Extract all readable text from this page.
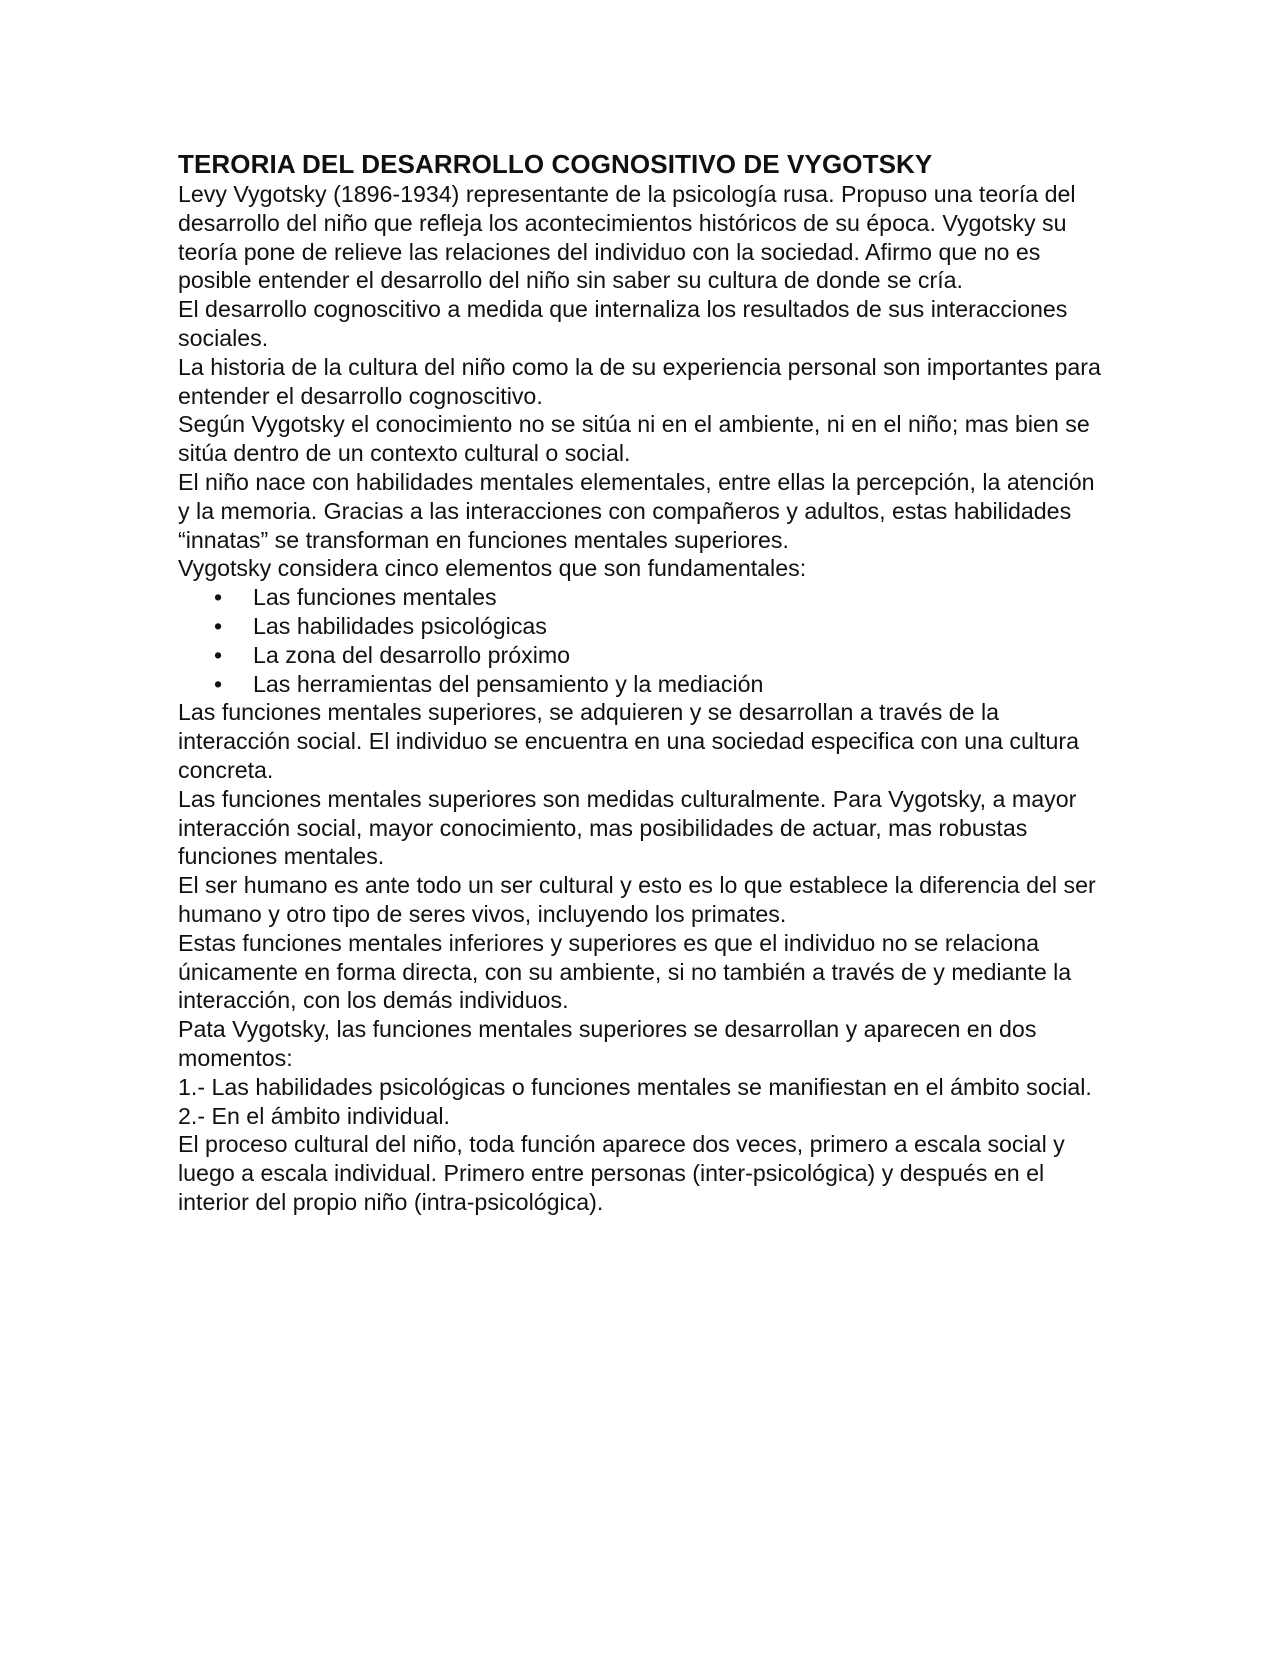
TERORIA DEL DESARROLLO COGNOSITIVO DE VYGOTSKY

Levy Vygotsky (1896-1934) representante de la psicología rusa. Propuso una teoría del desarrollo del niño que refleja los acontecimientos históricos de su época. Vygotsky su teoría pone de relieve las relaciones del individuo con la sociedad. Afirmo que no es posible entender el desarrollo del niño sin saber su cultura de donde se cría.

El desarrollo cognoscitivo a medida que internaliza los resultados de sus interacciones sociales.

La historia de la cultura del niño como la de su experiencia personal son importantes para entender el desarrollo cognoscitivo.

Según Vygotsky el conocimiento no se sitúa ni en el ambiente, ni en el niño; mas bien se sitúa dentro de un contexto cultural o social.

El niño nace con habilidades mentales elementales, entre ellas la percepción, la atención y la memoria. Gracias a las interacciones con compañeros y adultos, estas habilidades “innatas” se transforman en funciones mentales superiores.

Vygotsky considera cinco elementos que son fundamentales:

• Las funciones mentales
• Las habilidades psicológicas
• La zona del desarrollo próximo
• Las herramientas del pensamiento y la mediación

Las funciones mentales superiores, se adquieren y se desarrollan a través de la interacción social. El individuo se encuentra en una sociedad especifica con una cultura concreta.

Las funciones mentales superiores son medidas culturalmente. Para Vygotsky, a mayor interacción social, mayor conocimiento, mas posibilidades de actuar, mas robustas funciones mentales.

El ser humano es ante todo un ser cultural y esto es lo que establece la diferencia del ser humano y otro tipo de seres vivos, incluyendo los primates.

Estas funciones mentales inferiores y superiores es que el individuo no se relaciona únicamente en forma directa, con su ambiente, si no también a través de y mediante la interacción, con los demás individuos.

Pata Vygotsky, las funciones mentales superiores se desarrollan y aparecen en dos momentos:

1.- Las habilidades psicológicas o funciones mentales se manifiestan en el ámbito social.

2.- En el ámbito individual.

El proceso cultural del niño, toda función aparece dos veces, primero a escala social y luego a escala individual. Primero entre personas (inter-psicológica) y después en el interior del propio niño (intra-psicológica).
